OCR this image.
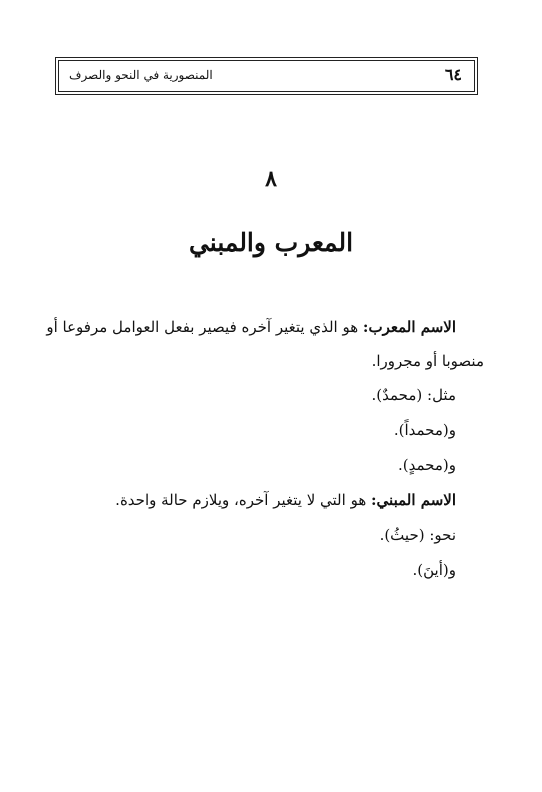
المنصورية في النحو والصرف	٦٤
٨
المعرب والمبني
الاسم المعرب: هو الذي يتغير آخره فيصير بفعل العوامل مرفوعا أو
منصوبا أو مجرورا.
مثل: (محمدٌ).
و(محمداً).
و(محمدٍ).
الاسم المبني: هو التي لا يتغير آخره، ويلازم حالة واحدة.
نحو: (حيثُ).
و(أينَ).
